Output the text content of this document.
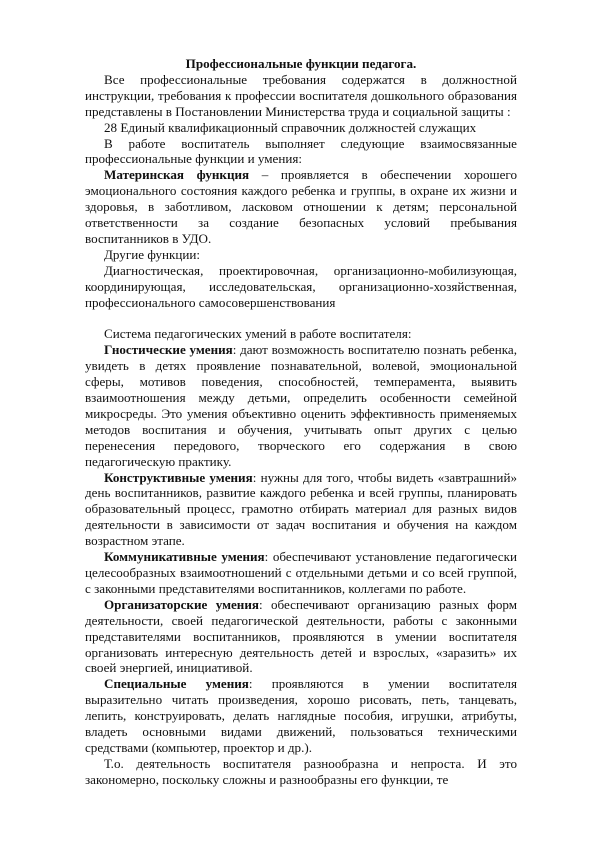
Профессиональные функции педагога.

Все профессиональные требования содержатся в должностной инструкции, требования к профессии воспитателя дошкольного образования представлены в Постановлении Министерства труда и социальной защиты :

28 Единый квалификационный справочник должностей служащих

В работе воспитатель выполняет следующие взаимосвязанные профессиональные функции и умения:

Материнская функция – проявляется в обеспечении хорошего эмоционального состояния каждого ребенка и группы, в охране их жизни и здоровья, в заботливом, ласковом отношении к детям; персональной ответственности за создание безопасных условий пребывания воспитанников в УДО.

Другие функции:

Диагностическая, проектировочная, организационно-мобилизующая, координирующая, исследовательская, организационно-хозяйственная, профессионального самосовершенствования

Система педагогических умений в работе воспитателя:

Гностические умения: дают возможность воспитателю познать ребенка, увидеть в детях проявление познавательной, волевой, эмоциональной сферы, мотивов поведения, способностей, темперамента, выявить взаимоотношения между детьми, определить особенности семейной микросреды. Это умения объективно оценить эффективность применяемых методов воспитания и обучения, учитывать опыт других с целью перенесения передового, творческого его содержания в свою педагогическую практику.

Конструктивные умения: нужны для того, чтобы видеть «завтрашний» день воспитанников, развитие каждого ребенка и всей группы, планировать образовательный процесс, грамотно отбирать материал для разных видов деятельности в зависимости от задач воспитания и обучения на каждом возрастном этапе.

Коммуникативные умения: обеспечивают установление педагогически целесообразных взаимоотношений с отдельными детьми и со всей группой, с законными представителями воспитанников, коллегами по работе.

Организаторские умения: обеспечивают организацию разных форм деятельности, своей педагогической деятельности, работы с законными представителями воспитанников, проявляются в умении воспитателя организовать интересную деятельность детей и взрослых, «заразить» их своей энергией, инициативой.

Специальные умения: проявляются в умении воспитателя выразительно читать произведения, хорошо рисовать, петь, танцевать, лепить, конструировать, делать наглядные пособия, игрушки, атрибуты, владеть основными видами движений, пользоваться техническими средствами (компьютер, проектор и др.).

Т.о. деятельность воспитателя разнообразна и непроста. И это закономерно, поскольку сложны и разнообразны его функции, те
